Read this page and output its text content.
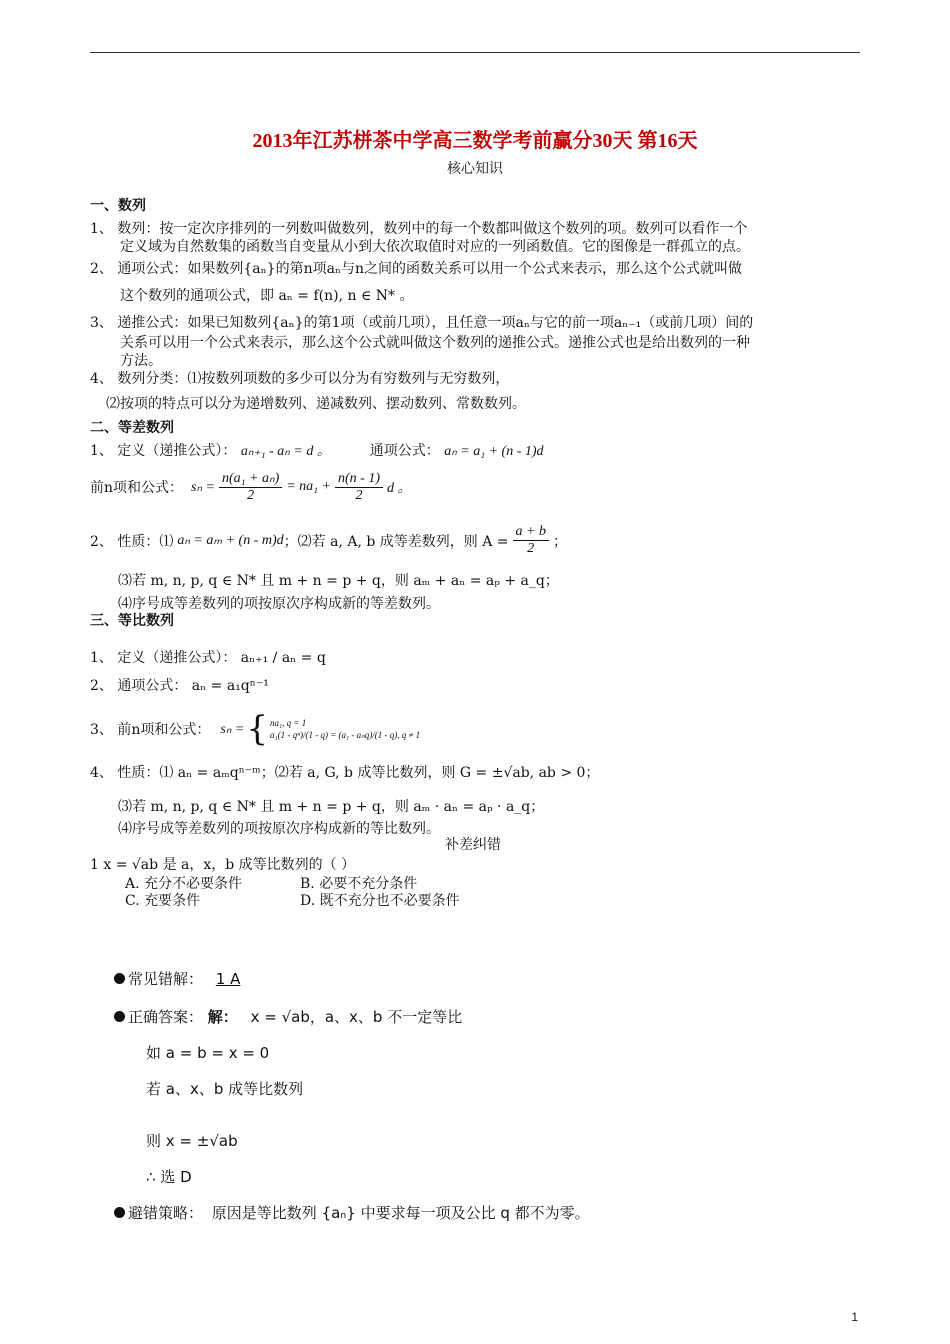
2013年江苏栟茶中学高三数学考前赢分30天 第16天
核心知识
一、数列
1、 数列：按一定次序排列的一列数叫做数列，数列中的每一个数都叫做这个数列的项。数列可以看作一个
定义域为自然数集的函数当自变量从小到大依次取值时对应的一列函数值。它的图像是一群孤立的点。
2、 通项公式：如果数列{aₙ}的第n项aₙ与n之间的函数关系可以用一个公式来表示，那么这个公式就叫做
这个数列的通项公式，即 aₙ = f(n), n ∈ N* 。
3、 递推公式：如果已知数列{aₙ}的第1项（或前几项），且任意一项aₙ与它的前一项aₙ₋₁（或前几项）间的
关系可以用一个公式来表示，那么这个公式就叫做这个数列的递推公式。递推公式也是给出数列的一种
方法。
4、 数列分类：⑴按数列项数的多少可以分为有穷数列与无穷数列，
⑵按项的特点可以分为递增数列、递减数列、摆动数列、常数数列。
二、等差数列
1、 定义（递推公式）： aₙ₊₁ - aₙ = d 。	通项公式： aₙ = a₁ + (n - 1)d
前n项和公式： $s_n = \frac{\text{n(a₁ + aₙ)}}{2} = na_1 + \frac{n(n - 1)}{2}$ d 。
2、 性质：⑴ aₙ = aₘ + (n - m)d ；⑵若 a, A, b 成等差数列，则 $A = \frac{a + b}{2}$ ；
⑶若 m, n, p, q ∈ N* 且 m + n = p + q，则 aₘ + aₙ = aₚ + a_q；
⑷序号成等差数列的项按原次序构成新的等差数列。
三、等比数列
1、 定义（递推公式）： aₙ₊₁ / aₙ = q
2、 通项公式： aₙ = a₁qⁿ⁻¹
3、 前n项和公式： sₙ = { na₁, q = 1
a₁(1 - qⁿ)/(1 - q) = (a₁ - aₙq)/(1 - q), q ≠ 1
4、 性质：⑴ aₙ = aₘqⁿ⁻ᵐ；⑵若 a, G, b 成等比数列，则 G = ±√ab, ab > 0；
⑶若 m, n, p, q ∈ N* 且 m + n = p + q，则 aₘ · aₙ = aₚ · a_q；
⑷序号成等差数列的项按原次序构成新的等比数列。
补差纠错
1 x = √ab 是 a，x，b 成等比数列的（ ）
A. 充分不必要条件	B. 必要不充分条件
C. 充要条件	D. 既不充分也不必要条件
常见错解： 1 A
正确答案： 解： x = √ab，a、x、b 不一定等比
如 a = b = x = 0
若 a、x、b 成等比数列
则 x = ±√ab
∴ 选 D
避错策略： 原因是等比数列 {aₙ} 中要求每一项及公比 q 都不为零。
1
